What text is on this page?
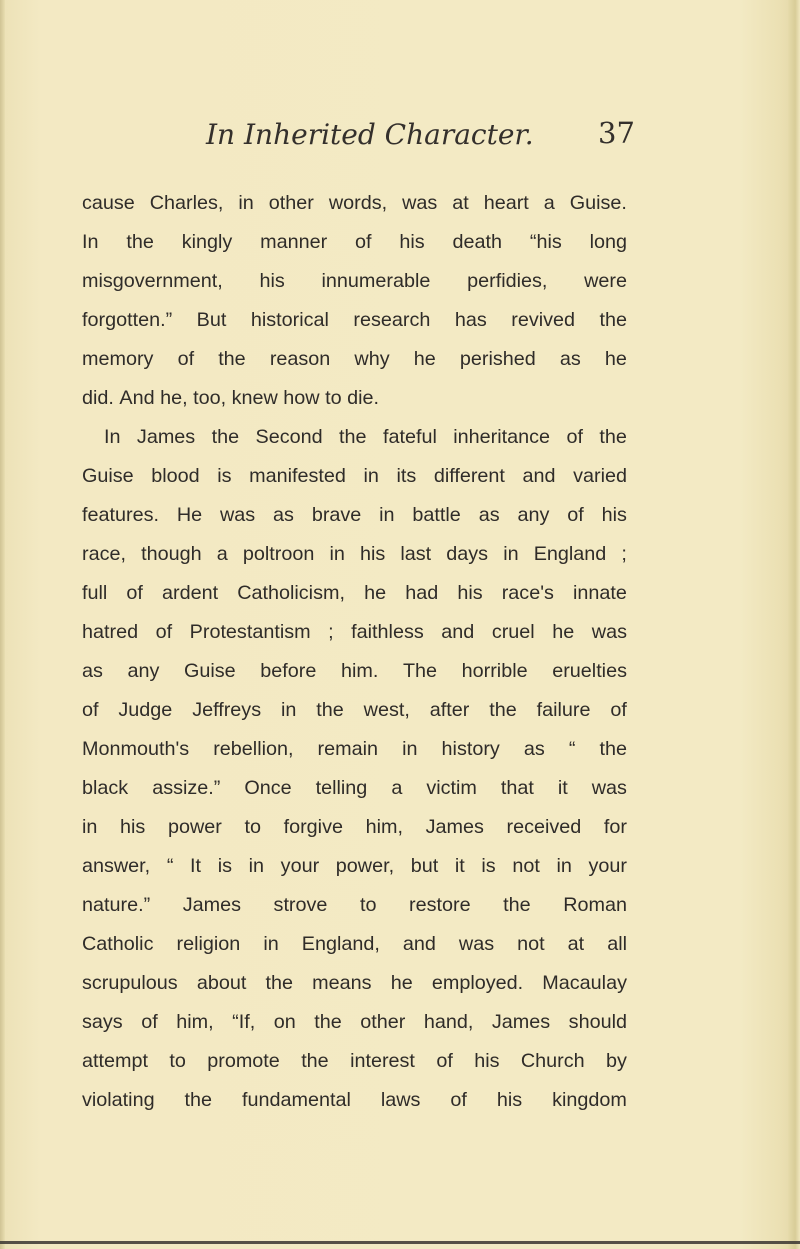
In Inherited Character. 37
cause Charles, in other words, was at heart a Guise.
In the kingly manner of his death “his long
misgovernment, his innumerable perfidies, were
forgotten.” But historical research has revived the
memory of the reason why he perished as he
did.
And
he,
too,
knew
how
to
die.
In James the Second the fateful inheritance of the
Guise blood is manifested in its different and varied
features. He was as brave in battle as any of his
race, though a poltroon in his last days in England ;
full of ardent Catholicism, he had his race's innate
hatred of Protestantism ; faithless and cruel he was
as any Guise before him. The horrible eruelties
of Judge Jeffreys in the west, after the failure of
Monmouth's rebellion, remain in history as “ the
black assize.” Once telling a victim that it was
in his power to forgive him, James received for
answer, “ It is in your power, but it is not in your
nature.” James strove to restore the Roman
Catholic religion in England, and was not at all
scrupulous about the means he employed. Macaulay
says of him, “If, on the other hand, James should
attempt to promote the interest of his Church by
violating the fundamental laws of his kingdom
